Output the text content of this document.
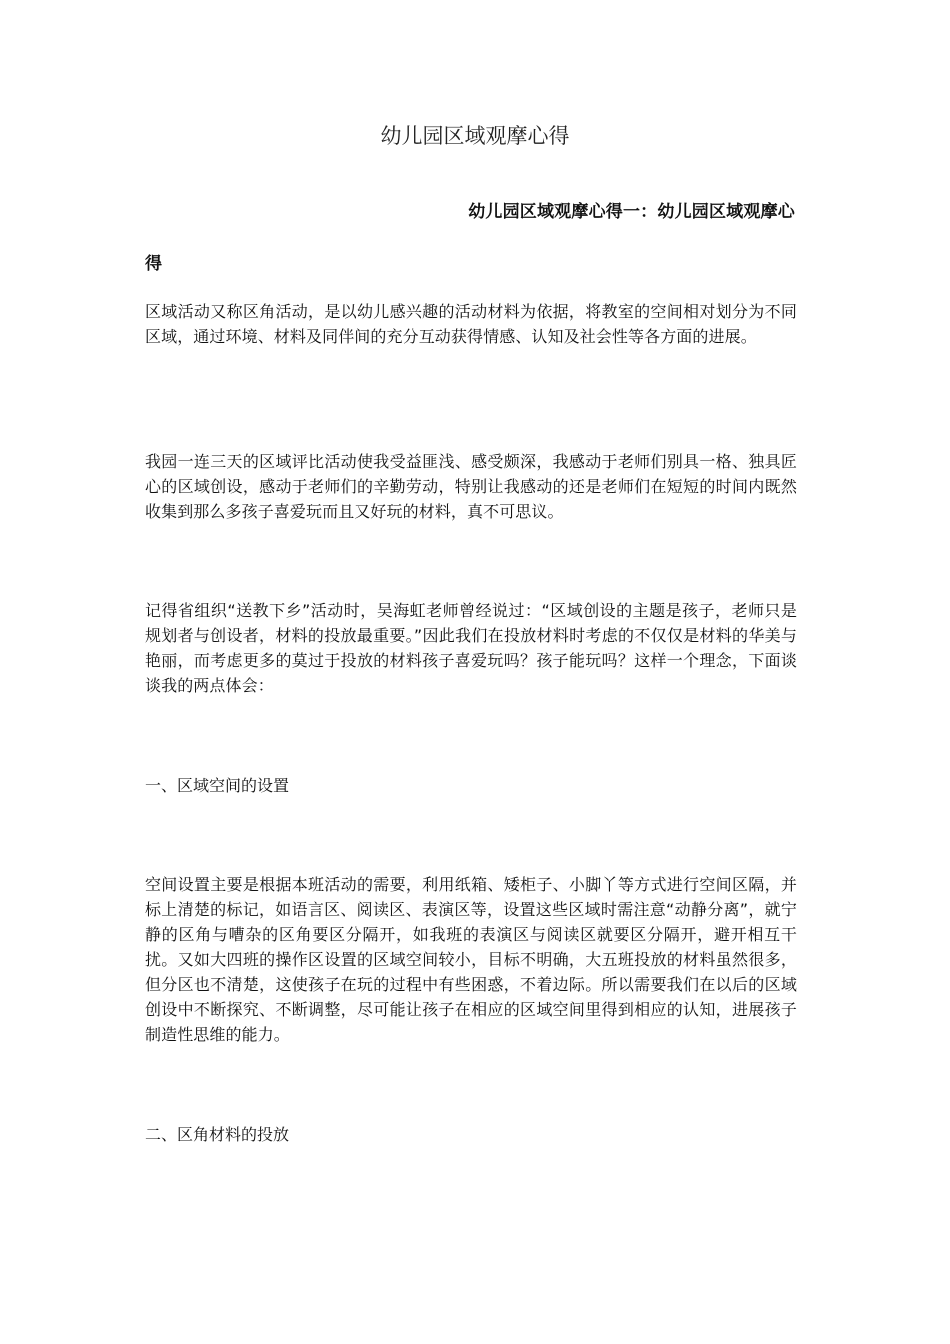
幼儿园区域观摩心得
幼儿园区域观摩心得一：幼儿园区域观摩心
得
区域活动又称区角活动，是以幼儿感兴趣的活动材料为依据，将教室的空间相对划分为不同区域，通过环境、材料及同伴间的充分互动获得情感、认知及社会性等各方面的进展。
我园一连三天的区域评比活动使我受益匪浅、感受颇深，我感动于老师们别具一格、独具匠心的区域创设，感动于老师们的辛勤劳动，特别让我感动的还是老师们在短短的时间内既然收集到那么多孩子喜爱玩而且又好玩的材料，真不可思议。
记得省组织“送教下乡”活动时，吴海虹老师曾经说过：“区域创设的主题是孩子，老师只是规划者与创设者，材料的投放最重要。”因此我们在投放材料时考虑的不仅仅是材料的华美与艳丽，而考虑更多的莫过于投放的材料孩子喜爱玩吗？孩子能玩吗？这样一个理念，下面谈谈我的两点体会：
一、区域空间的设置
空间设置主要是根据本班活动的需要，利用纸箱、矮柜子、小脚丫等方式进行空间区隔，并标上清楚的标记，如语言区、阅读区、表演区等，设置这些区域时需注意“动静分离”，就宁静的区角与嘈杂的区角要区分隔开，如我班的表演区与阅读区就要区分隔开，避开相互干扰。又如大四班的操作区设置的区域空间较小，目标不明确，大五班投放的材料虽然很多，但分区也不清楚，这使孩子在玩的过程中有些困惑，不着边际。所以需要我们在以后的区域创设中不断探究、不断调整，尽可能让孩子在相应的区域空间里得到相应的认知，进展孩子制造性思维的能力。
二、区角材料的投放
